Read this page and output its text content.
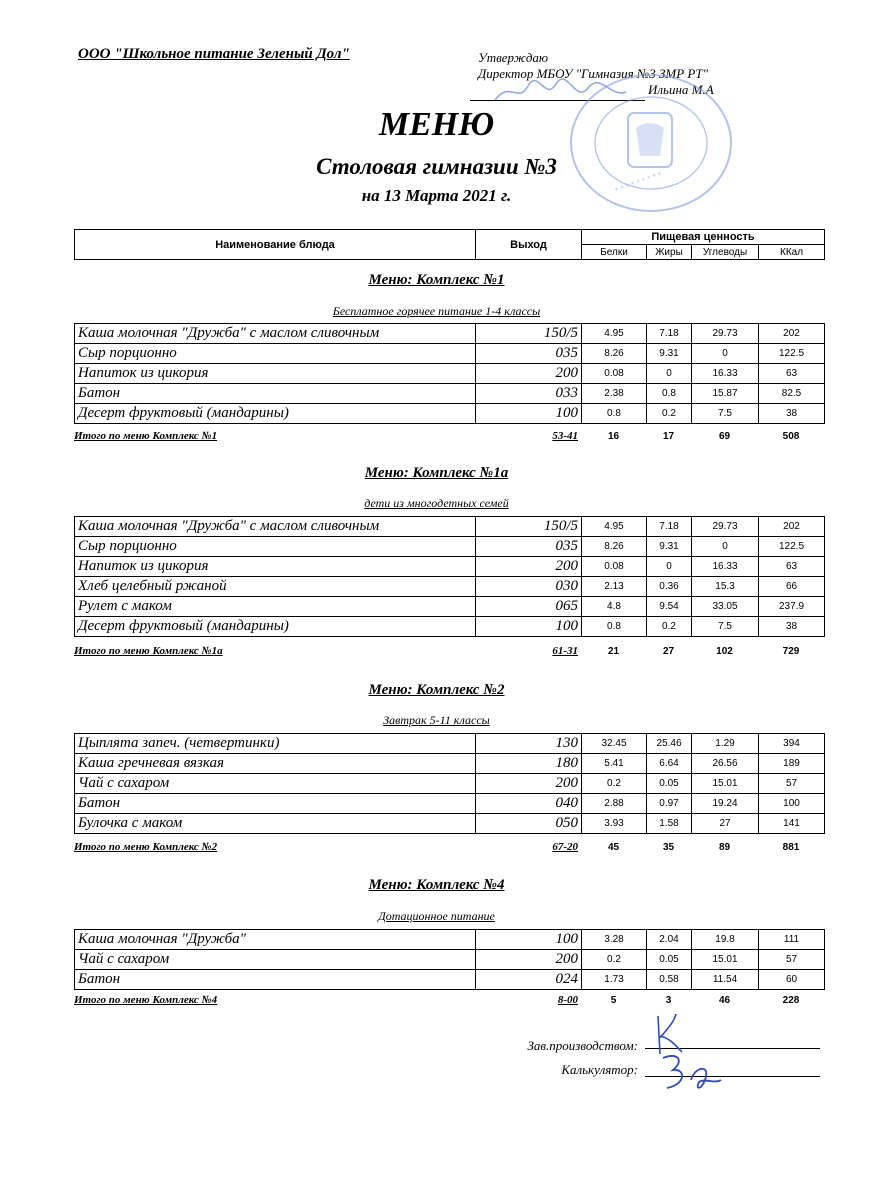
ООО "Школьное питание Зеленый Дол"	Утверждаю
Директор МБОУ "Гимназия №3 ЗМР РТ"
Ильина М.А
* * * * * * * * *
МЕНЮ
Столовая гимназии №3
на 13 Марта 2021 г.
Наименование блюда	Выход	Пищевая ценность			
		Белки	Жиры	Углеводы	ККал
Меню: Комплекс №1
Бесплатное горячее питание 1-4 классы
Каша молочная "Дружба" с маслом сливочным	150/5	4.95	7.18	29.73	202
Сыр порционно	035	8.26	9.31	0	122.5
Напиток из цикория	200	0.08	0	16.33	63
Батон	033	2.38	0.8	15.87	82.5
Десерт фруктовый (мандарины)	100	0.8	0.2	7.5	38
Итого по меню Комплекс №1	53-41	16	17	69	508
Меню: Комплекс №1а
дети из многодетных семей
Каша молочная "Дружба" с маслом сливочным	150/5	4.95	7.18	29.73	202
Сыр порционно	035	8.26	9.31	0	122.5
Напиток из цикория	200	0.08	0	16.33	63
Хлеб целебный ржаной	030	2.13	0.36	15.3	66
Рулет с маком	065	4.8	9.54	33.05	237.9
Десерт фруктовый (мандарины)	100	0.8	0.2	7.5	38
Итого по меню Комплекс №1а	61-31	21	27	102	729
Меню: Комплекс №2
Завтрак 5-11 классы
Цыплята запеч. (четвертинки)	130	32.45	25.46	1.29	394
Каша гречневая вязкая	180	5.41	6.64	26.56	189
Чай с сахаром	200	0.2	0.05	15.01	57
Батон	040	2.88	0.97	19.24	100
Булочка с маком	050	3.93	1.58	27	141
Итого по меню Комплекс №2	67-20	45	35	89	881
Меню: Комплекс №4
Дотационное питание
Каша молочная "Дружба"	100	3.28	2.04	19.8	111
Чай с сахаром	200	0.2	0.05	15.01	57
Батон	024	1.73	0.58	11.54	60
Итого по меню Комплекс №4	8-00	5	3	46	228
Зав.производством:
Калькулятор:
